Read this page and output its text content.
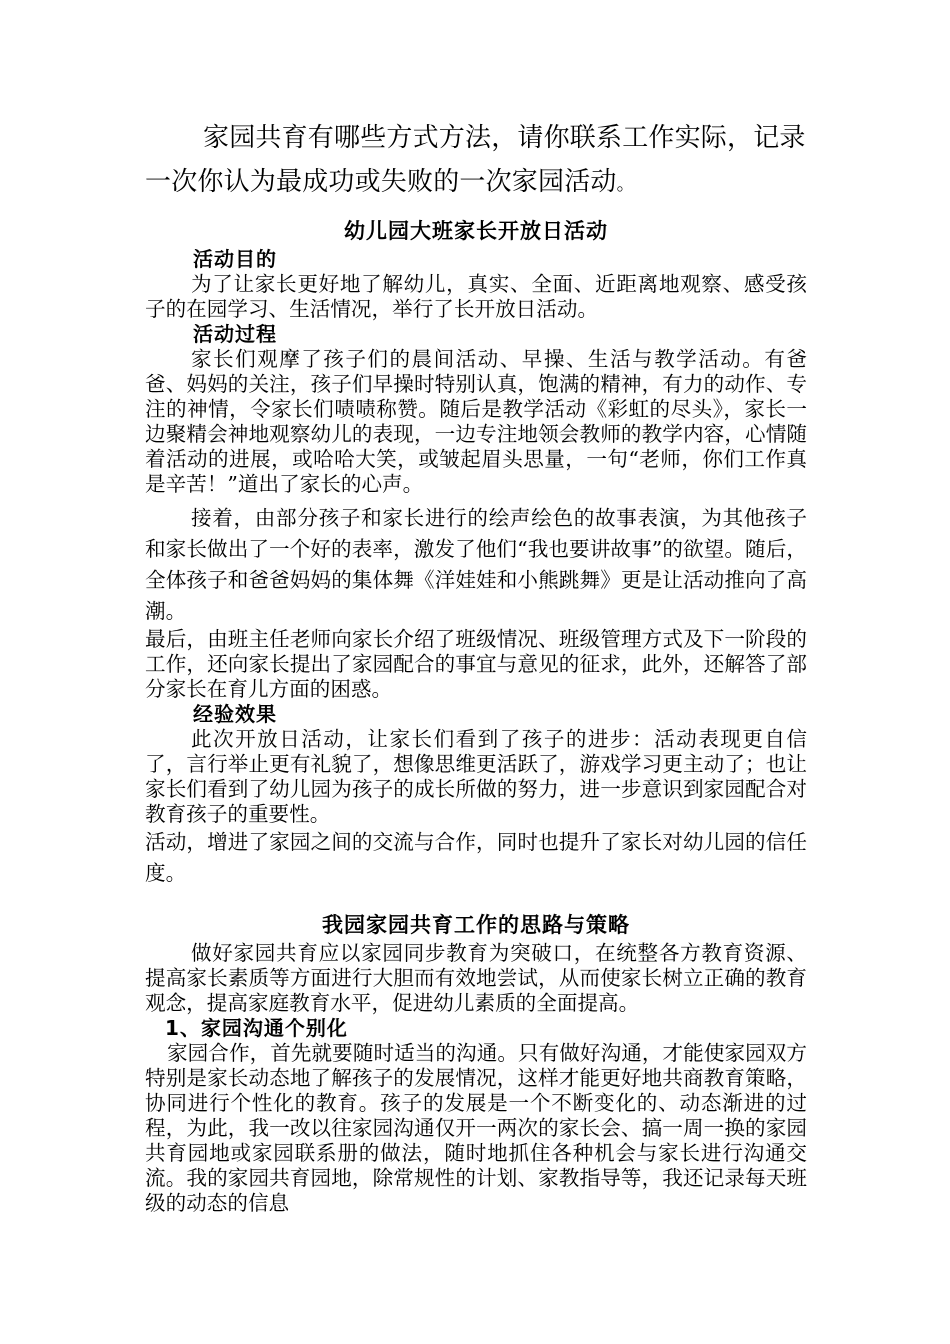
家园共育有哪些方式方法，请你联系工作实际，记录一次你认为最成功或失败的一次家园活动。

幼儿园大班家长开放日活动
活动目的

为了让家长更好地了解幼儿，真实、全面、近距离地观察、感受孩子的在园学习、生活情况，举行了长开放日活动。

活动过程

家长们观摩了孩子们的晨间活动、早操、生活与教学活动。有爸爸、妈妈的关注，孩子们早操时特别认真，饱满的精神，有力的动作、专注的神情，令家长们啧啧称赞。随后是教学活动《彩虹的尽头》，家长一边聚精会神地观察幼儿的表现，一边专注地领会教师的教学内容，心情随着活动的进展，或哈哈大笑，或皱起眉头思量，一句“老师，你们工作真是辛苦！”道出了家长的心声。

接着，由部分孩子和家长进行的绘声绘色的故事表演，为其他孩子和家长做出了一个好的表率，激发了他们“我也要讲故事”的欲望。随后，全体孩子和爸爸妈妈的集体舞《洋娃娃和小熊跳舞》更是让活动推向了高潮。

最后，由班主任老师向家长介绍了班级情况、班级管理方式及下一阶段的工作，还向家长提出了家园配合的事宜与意见的征求，此外，还解答了部分家长在育儿方面的困惑。

经验效果

此次开放日活动，让家长们看到了孩子的进步：活动表现更自信了，言行举止更有礼貌了，想像思维更活跃了，游戏学习更主动了；也让家长们看到了幼儿园为孩子的成长所做的努力，进一步意识到家园配合对教育孩子的重要性。

活动，增进了家园之间的交流与合作，同时也提升了家长对幼儿园的信任度。

我园家园共育工作的思路与策略

做好家园共育应以家园同步教育为突破口，在统整各方教育资源、提高家长素质等方面进行大胆而有效地尝试，从而使家长树立正确的教育观念，提高家庭教育水平，促进幼儿素质的全面提高。

1、家园沟通个别化

家园合作，首先就要随时适当的沟通。只有做好沟通，才能使家园双方特别是家长动态地了解孩子的发展情况，这样才能更好地共商教育策略，协同进行个性化的教育。孩子的发展是一个不断变化的、动态渐进的过程，为此，我一改以往家园沟通仅开一两次的家长会、搞一周一换的家园共育园地或家园联系册的做法，随时地抓住各种机会与家长进行沟通交流。我的家园共育园地，除常规性的计划、家教指导等，我还记录每天班级的动态的信息
